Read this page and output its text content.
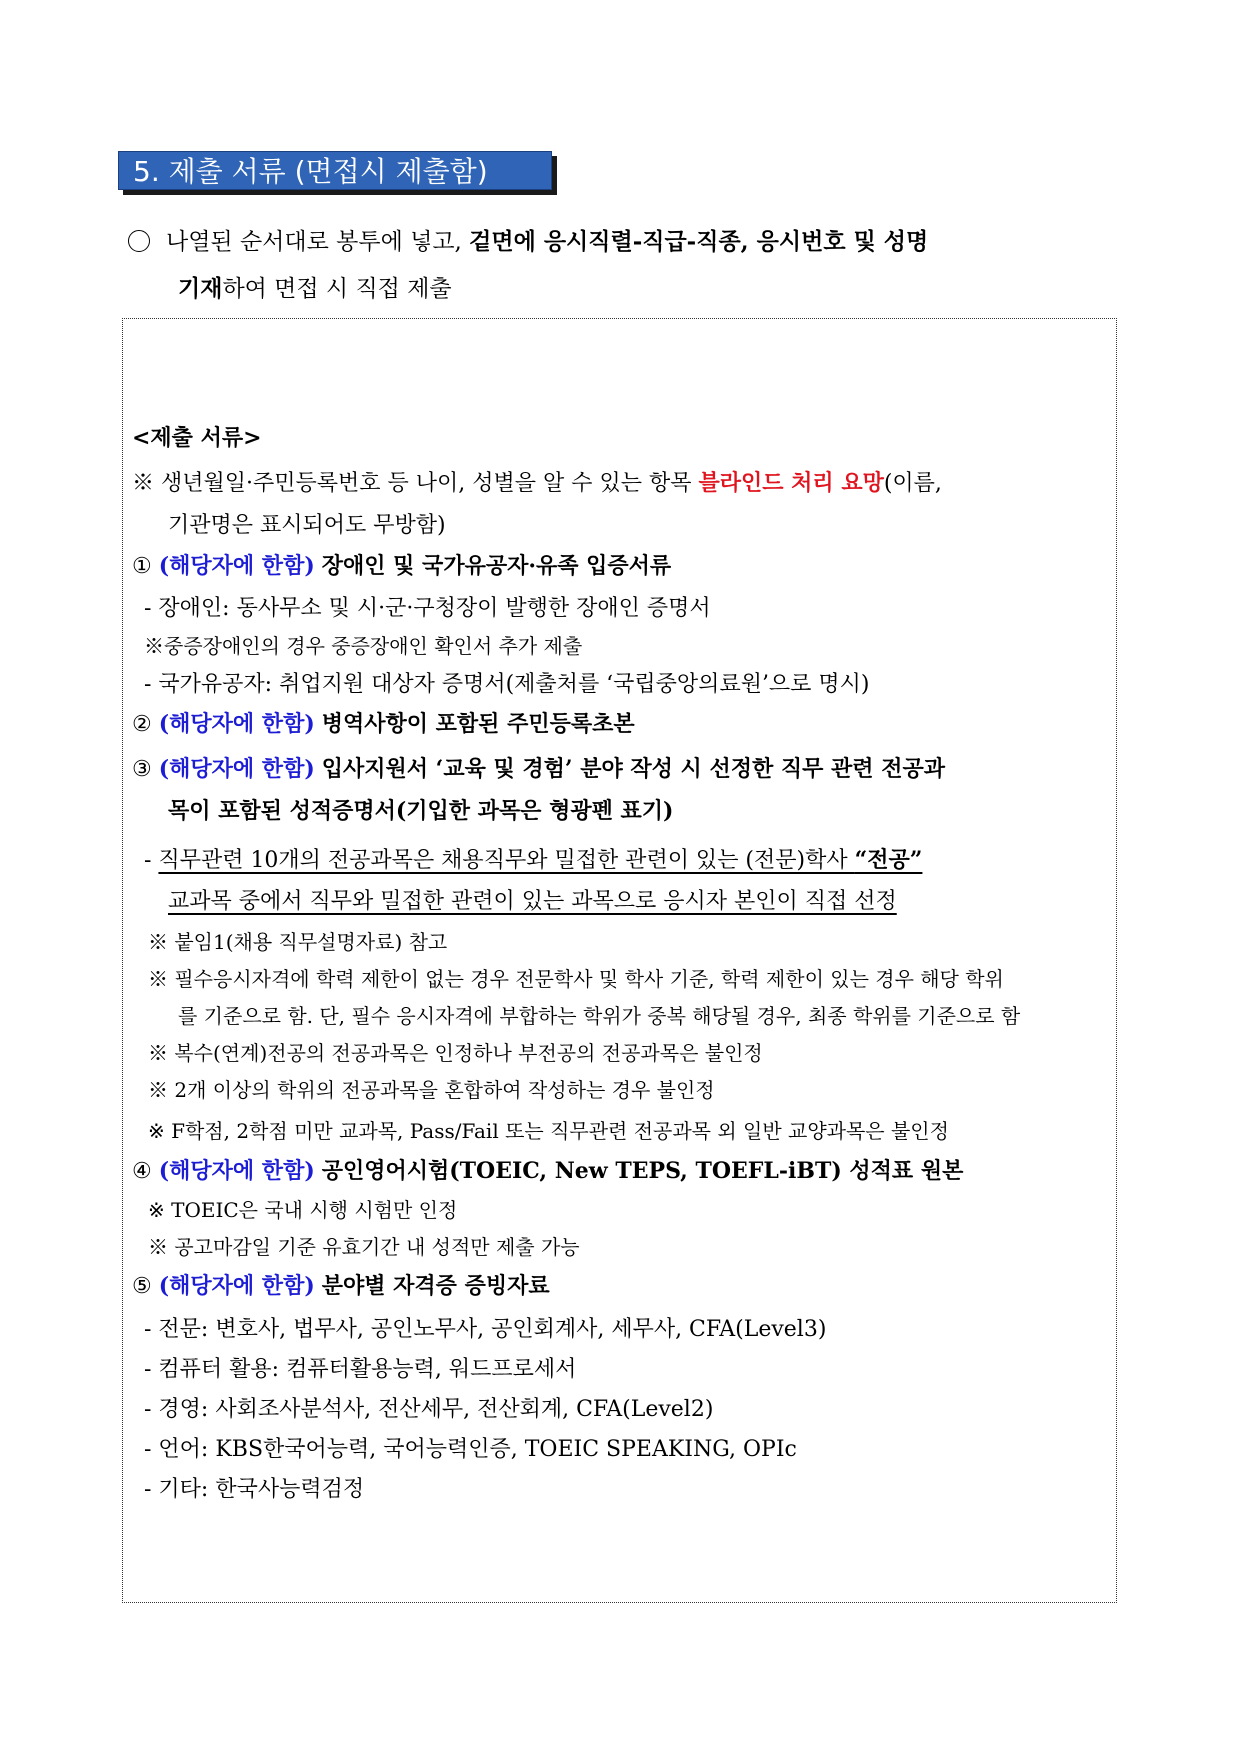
5. 제출 서류 (면접시 제출함)
나열된 순서대로 봉투에 넣고, 겉면에 응시직렬-직급-직종, 응시번호 및 성명
기재하여 면접 시 직접 제출
<제출 서류>
※ 생년월일·주민등록번호 등 나이, 성별을 알 수 있는 항목 블라인드 처리 요망(이름,
기관명은 표시되어도 무방함)
① (해당자에 한함) 장애인 및 국가유공자·유족 입증서류
- 장애인: 동사무소 및 시·군·구청장이 발행한 장애인 증명서
※중증장애인의 경우 중증장애인 확인서 추가 제출
- 국가유공자: 취업지원 대상자 증명서(제출처를 ‘국립중앙의료원’으로 명시)
② (해당자에 한함) 병역사항이 포함된 주민등록초본
③ (해당자에 한함) 입사지원서 ‘교육 및 경험’ 분야 작성 시 선정한 직무 관련 전공과
목이 포함된 성적증명서(기입한 과목은 형광펜 표기)
- 직무관련 10개의 전공과목은 채용직무와 밀접한 관련이 있는 (전문)학사 “전공”
교과목 중에서 직무와 밀접한 관련이 있는 과목으로 응시자 본인이 직접 선정
※ 붙임1(채용 직무설명자료) 참고
※ 필수응시자격에 학력 제한이 없는 경우 전문학사 및 학사 기준, 학력 제한이 있는 경우 해당 학위
를 기준으로 함. 단, 필수 응시자격에 부합하는 학위가 중복 해당될 경우, 최종 학위를 기준으로 함
※ 복수(연계)전공의 전공과목은 인정하나 부전공의 전공과목은 불인정
※ 2개 이상의 학위의 전공과목을 혼합하여 작성하는 경우 불인정
※ F학점, 2학점 미만 교과목, Pass/Fail 또는 직무관련 전공과목 외 일반 교양과목은 불인정
④ (해당자에 한함) 공인영어시험(TOEIC, New TEPS, TOEFL-iBT) 성적표 원본
※ TOEIC은 국내 시행 시험만 인정
※ 공고마감일 기준 유효기간 내 성적만 제출 가능
⑤ (해당자에 한함) 분야별 자격증 증빙자료
- 전문: 변호사, 법무사, 공인노무사, 공인회계사, 세무사, CFA(Level3)
- 컴퓨터 활용: 컴퓨터활용능력, 워드프로세서
- 경영: 사회조사분석사, 전산세무, 전산회계, CFA(Level2)
- 언어: KBS한국어능력, 국어능력인증, TOEIC SPEAKING, OPIc
- 기타: 한국사능력검정
